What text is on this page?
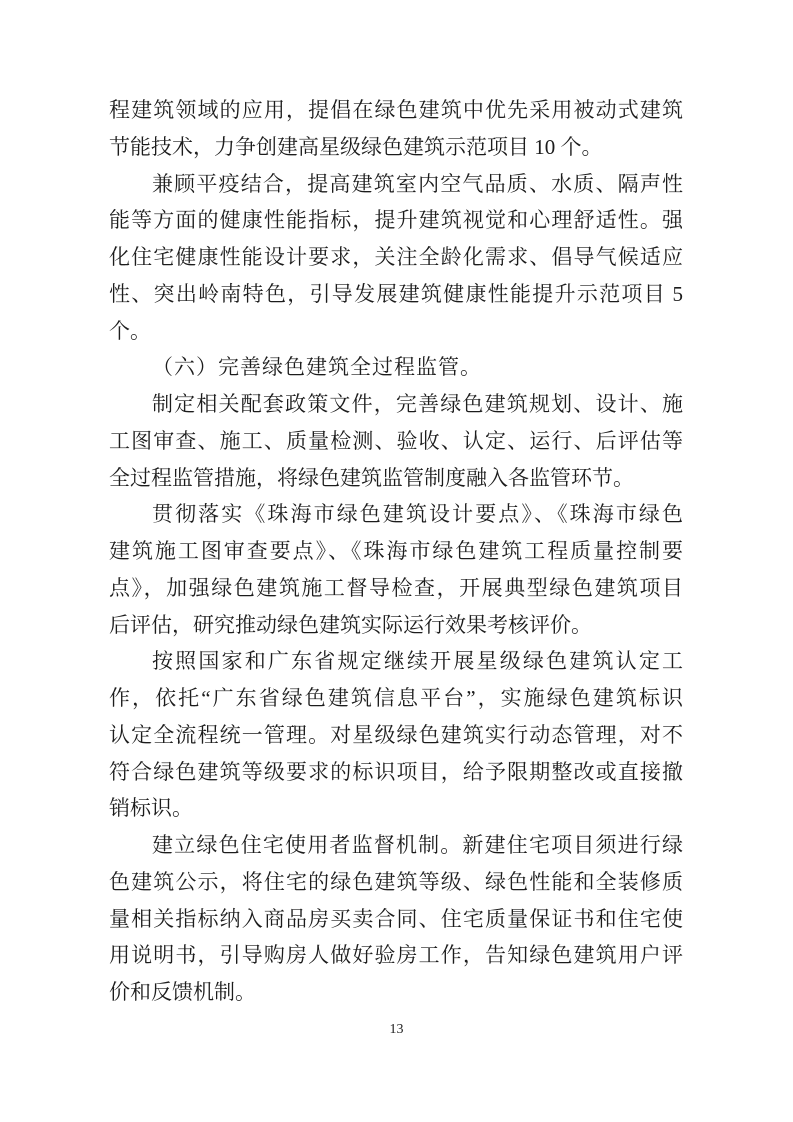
程建筑领域的应用，提倡在绿色建筑中优先采用被动式建筑
节能技术，力争创建高星级绿色建筑示范项目 10 个。
兼顾平疫结合，提高建筑室内空气品质、水质、隔声性
能等方面的健康性能指标，提升建筑视觉和心理舒适性。强
化住宅健康性能设计要求，关注全龄化需求、倡导气候适应
性、突出岭南特色，引导发展建筑健康性能提升示范项目 5
个。
（六）完善绿色建筑全过程监管。
制定相关配套政策文件，完善绿色建筑规划、设计、施
工图审查、施工、质量检测、验收、认定、运行、后评估等
全过程监管措施，将绿色建筑监管制度融入各监管环节。
贯彻落实《珠海市绿色建筑设计要点》、《珠海市绿色
建筑施工图审查要点》、《珠海市绿色建筑工程质量控制要
点》，加强绿色建筑施工督导检查，开展典型绿色建筑项目
后评估，研究推动绿色建筑实际运行效果考核评价。
按照国家和广东省规定继续开展星级绿色建筑认定工
作，依托“广东省绿色建筑信息平台”，实施绿色建筑标识
认定全流程统一管理。对星级绿色建筑实行动态管理，对不
符合绿色建筑等级要求的标识项目，给予限期整改或直接撤
销标识。
建立绿色住宅使用者监督机制。新建住宅项目须进行绿
色建筑公示，将住宅的绿色建筑等级、绿色性能和全装修质
量相关指标纳入商品房买卖合同、住宅质量保证书和住宅使
用说明书，引导购房人做好验房工作，告知绿色建筑用户评
价和反馈机制。
13
